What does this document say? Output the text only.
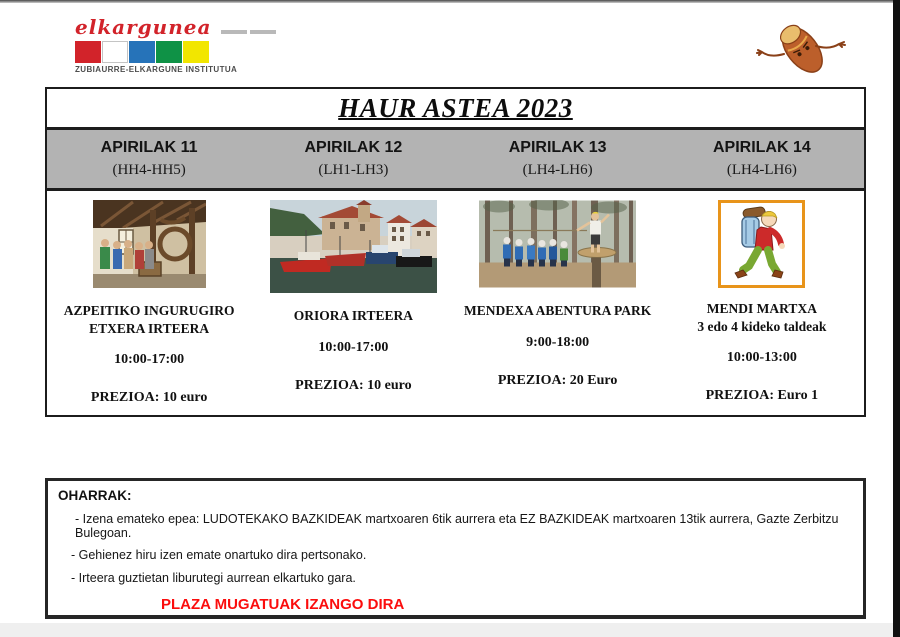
elkargunea
ZUBIAURRE-ELKARGUNE INSTITUTUA
HAUR ASTEA 2023
APIRILAK 11
(HH4-HH5)
APIRILAK 12
(LH1-LH3)
APIRILAK 13
(LH4-LH6)
APIRILAK 14
(LH4-LH6)
AZPEITIKO INGURUGIRO
ETXERA IRTEERA
10:00-17:00
PREZIOA: 10 euro
ORIORA IRTEERA
10:00-17:00
PREZIOA: 10 euro
MENDEXA ABENTURA PARK
9:00-18:00
PREZIOA: 20 Euro
MENDI MARTXA
3 edo 4 kideko taldeak
10:00-13:00
PREZIOA: Euro 1
OHARRAK:
- Izena emateko epea: LUDOTEKAKO BAZKIDEAK martxoaren 6tik aurrera eta EZ BAZKIDEAK martxoaren 13tik aurrera, Gazte Zerbitzu Bulegoan.
- Gehienez hiru izen emate onartuko dira pertsonako.
- Irteera guztietan liburutegi aurrean elkartuko gara.
PLAZA MUGATUAK IZANGO DIRA
